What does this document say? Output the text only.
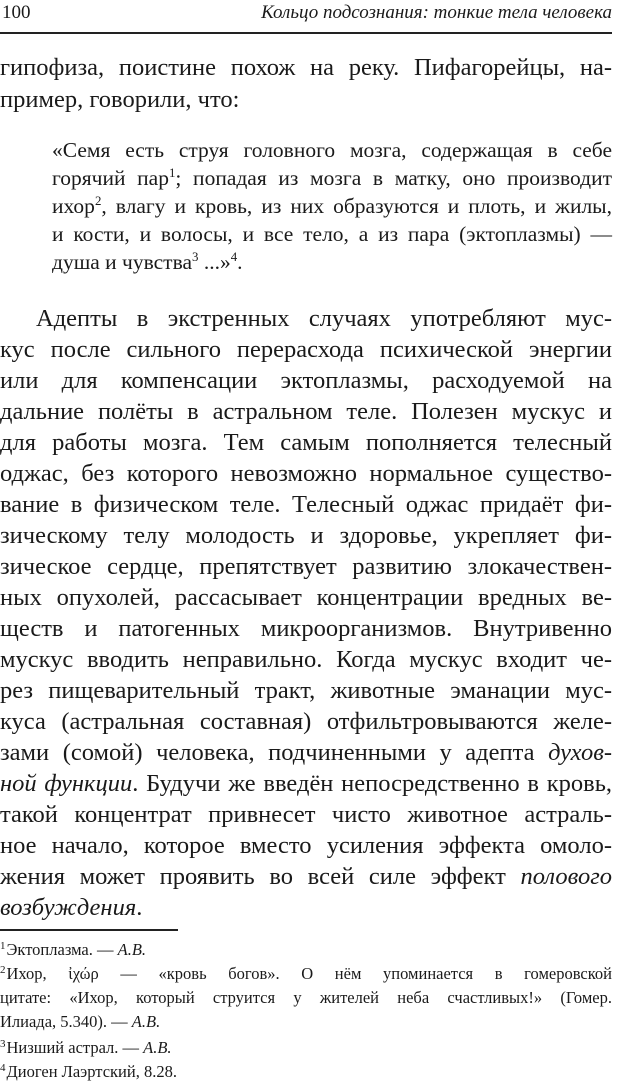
100	Кольцо подсознания: тонкие тела человека
гипофиза, поистине похож на реку. Пифагорейцы, на-
пример, говорили, что:
«Семя есть струя головного мозга, содержащая в себе
горячий пар$^1$; попадая из мозга в матку, оно производит
ихор$^2$, влагу и кровь, из них образуются и плоть, и жилы,
и кости, и волосы, и все тело, а из пара (эктоплазмы) —
душа и чувства$^3$ ...»$^4$.
Адепты в экстренных случаях употребляют мус-
кус после сильного перерасхода психической энергии
или для компенсации эктоплазмы, расходуемой на
дальние полёты в астральном теле. Полезен мускус и
для работы мозга. Тем самым пополняется телесный
оджас, без которого невозможно нормальное существо-
вание в физическом теле. Телесный оджас придаёт фи-
зическому телу молодость и здоровье, укрепляет фи-
зическое сердце, препятствует развитию злокачествен-
ных опухолей, рассасывает концентрации вредных ве-
ществ и патогенных микроорганизмов. Внутривенно
мускус вводить неправильно. Когда мускус входит че-
рез пищеварительный тракт, животные эманации мус-
куса (астральная составная) отфильтровываются желе-
зами (сомой) человека, подчиненными у адепта духов-
ной функции. Будучи же введён непосредственно в кровь,
такой концентрат привнесет чисто животное астраль-
ное начало, которое вместо усиления эффекта омоло-
жения может проявить во всей силе эффект полового
возбуждения.
$^1$Эктоплазма. — А.В.
$^2$Ихор, ἰχώρ — «кровь богов». О нём упоминается в гомеровской
цитате: «Ихор, который струится у жителей неба счастливых!» (Гомер.
Илиада, 5.340). — А.В.
$^3$Низший астрал. — А.В.
$^4$Диоген Лаэртский, 8.28.
